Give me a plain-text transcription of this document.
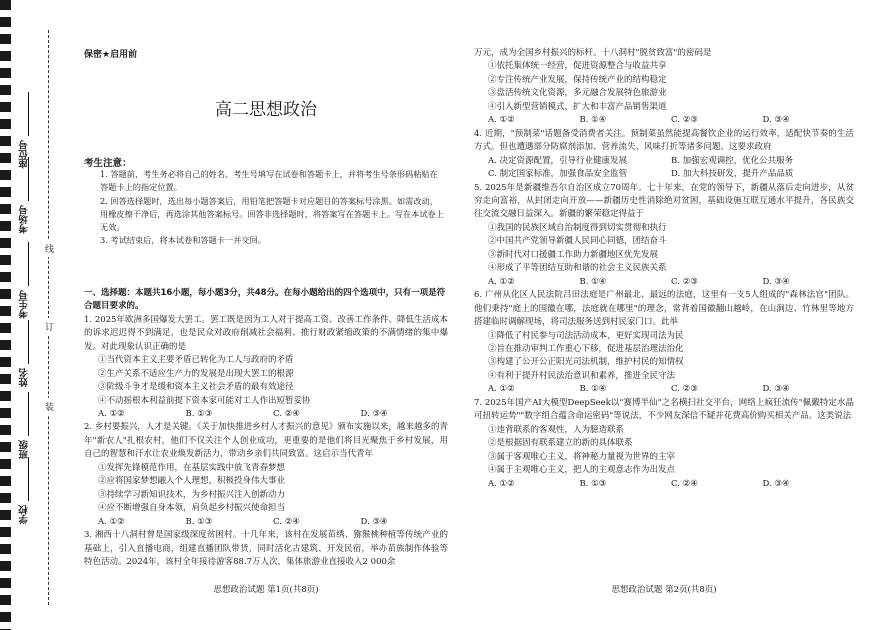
座位号
考场号
考生号
姓名
班级
学校
线
订
装
保密★启用前
高二思想政治
考生注意：

1. 答题前，考生务必将自己的姓名、考生号填写在试卷和答题卡上，并将考生号条形码粘贴在答题卡上的指定位置。

2. 回答选择题时，选出每小题答案后，用铅笔把答题卡对应题目的答案标号涂黑。如需改动，用橡皮擦干净后，再选涂其他答案标号。回答非选择题时，将答案写在答题卡上。写在本试卷上无效。

3. 考试结束后，将本试卷和答题卡一并交回。

一、选择题：本题共16小题，每小题3分，共48分。在每小题给出的四个选项中，只有一项是符合题目要求的。
1. 2025年欧洲多国爆发大罢工。罢工既是因为工人对于提高工资、改善工作条件、降低生活成本的诉求迟迟得不到满足，也是民众对政府削减社会福利、推行财政紧缩政策的不满情绪的集中爆发。对此现象认识正确的是
①当代资本主义主要矛盾已转化为工人与政府的矛盾
②生产关系不适应生产力的发展是出现大罢工的根源
③阶级斗争才是缓和资本主义社会矛盾的最有效途径
④不动摇根本利益前提下资本家可能对工人作出短暂妥协
A. ①②	B. ①③	C. ②④	D. ③④
2. 乡村要振兴，人才是关键。《关于加快推进乡村人才振兴的意见》颁布实施以来，越来越多的青年"新农人"扎根农村，他们不仅关注个人创业成功，更重要的是他们将目光聚焦于乡村发展，用自己的智慧和汗水让农业焕发新活力，带动乡亲们共同致富。这启示当代青年
①发挥先锋模范作用，在基层实践中放飞青春梦想
②应将国家梦想融入个人理想，积极投身伟大事业
③持续学习新知识技术，为乡村振兴注入创新动力
④应不断增强自身本领，肩负起乡村振兴使命担当
A. ①②	B. ①③	C. ②④	D. ③④
3. 湘西十八洞村曾是国家级深度贫困村。十几年来，该村在发展苗绣、猕猴桃种植等传统产业的基础上，引入直播电商，组建直播团队带货，同时活化古建筑、开发民宿，举办苗族制作体验等特色活动。2024年，该村全年接待游客88.7万人次，集体旅游业直接收入2 000余
思想政治试题 第1页(共8页)
万元，成为全国乡村振兴的标杆。十八洞村"脱贫致富"的密码是
①依托集体统一经营，促进资源整合与收益共享
②专注传统产业发展，保持传统产业的结构稳定
③盘活传统文化资源，多元融合发展特色旅游业
④引入新型营销模式，扩大和丰富产品销售渠道
A. ①②	B. ①④	C. ②③	D. ③④
4. 近期，"预制菜"话题备受消费者关注。预制菜虽然能提高餐饮企业的运行效率，适配快节奏的生活方式。但也遭遇部分防腐剂添加、营养流失、风味打折等诸多问题。这要求政府
A. 决定资源配置，引导行业健康发展	B. 加强宏观调控，优化公共服务
C. 制定国家标准，加强食品安全监管	D. 加大科技研发，提升产品品质
5. 2025年是新疆维吾尔自治区成立70周年。七十年来，在党的领导下，新疆从落后走向进步，从贫穷走向富裕，从封闭走向开放——新疆历史性消除绝对贫困，基础设施互联互通水平提升，各民族交往交流交融日益深入。新疆的繁荣稳定得益于
①我国的民族区域自治制度得到切实贯彻和执行
②中国共产党领导新疆人民同心同德，团结奋斗
③新时代对口援疆工作助力新疆地区优先发展
④形成了平等团结互助和谐的社会主义民族关系
A. ①②	B. ①④	C. ②③	D. ③④
6. 广州从化区人民法院吕田法庭是广州最北、最远的法庭，这里有一支5人组成的"森林法官"团队。他们秉持"庭上的国徽在哪，法庭就在哪里"的理念，常背着国徽翻山越岭，在山涧边、竹林里等地方搭建临时调解现场，将司法服务送到村民家门口。此举
①降低了村民参与司法活动成本，更好实现司法为民
②旨在推动审判工作重心下移，促进基层治理法治化
③构建了公开公正阳光司法机制，维护村民的知情权
④有利于提升村民法治意识和素养，推进全民守法
A. ①②	B. ①④	C. ②③	D. ③④
7. 2025年国产AI大模型DeepSeek以"赛博半仙"之名横扫社交平台，网络上疯狂流传"佩戴特定水晶可扭转运势""数字组合蕴含命运密码"等说法，不少网友深信不疑并花费高价购买相关产品。这类说法
①违背联系的客观性，人为臆造联系
②是根据固有联系建立的新的具体联系
③属于客观唯心主义，将神秘力量视为世界的主宰
④属于主观唯心主义，把人的主观意志作为出发点
A. ①②	B. ①③	C. ②④	D. ③④
思想政治试题 第2页(共8页)
